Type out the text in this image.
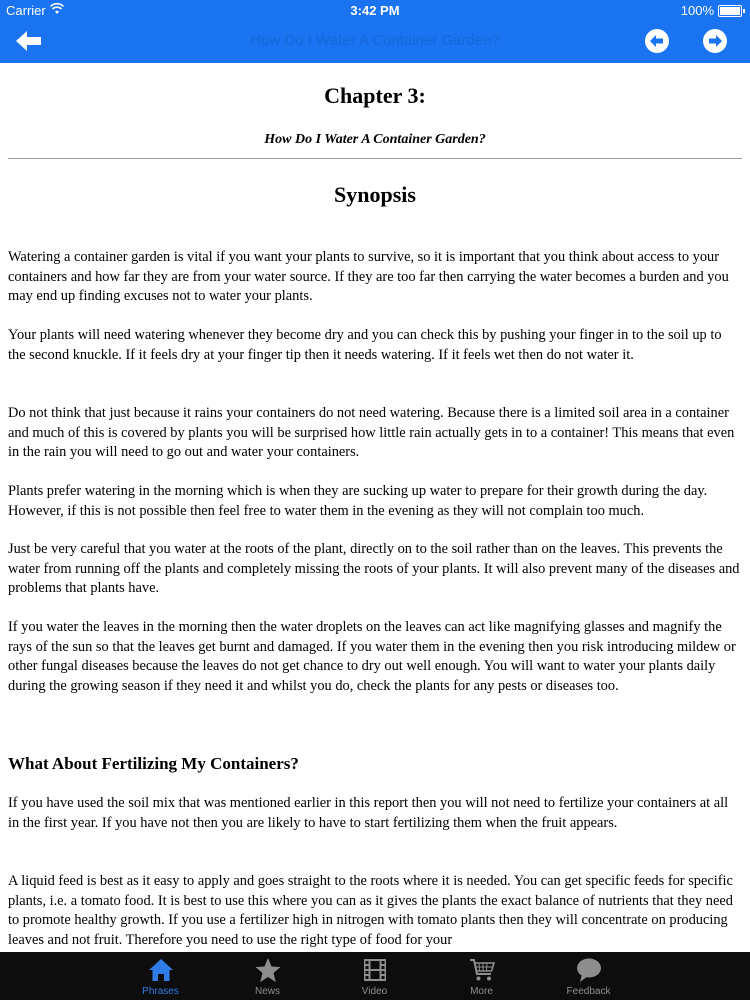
Carrier	3:42 PM	100%
How Do I Water A Container Garden?
Chapter 3:
How Do I Water A Container Garden?
Synopsis

Watering a container garden is vital if you want your plants to survive, so it is important that you think about access to your containers and how far they are from your water source. If they are too far then carrying the water becomes a burden and you may end up finding excuses not to water your plants.

Your plants will need watering whenever they become dry and you can check this by pushing your finger in to the soil up to the second knuckle. If it feels dry at your finger tip then it needs watering. If it feels wet then do not water it.

Do not think that just because it rains your containers do not need watering. Because there is a limited soil area in a container and much of this is covered by plants you will be surprised how little rain actually gets in to a container! This means that even in the rain you will need to go out and water your containers.

Plants prefer watering in the morning which is when they are sucking up water to prepare for their growth during the day. However, if this is not possible then feel free to water them in the evening as they will not complain too much.

Just be very careful that you water at the roots of the plant, directly on to the soil rather than on the leaves. This prevents the water from running off the plants and completely missing the roots of your plants. It will also prevent many of the diseases and problems that plants have.

If you water the leaves in the morning then the water droplets on the leaves can act like magnifying glasses and magnify the rays of the sun so that the leaves get burnt and damaged. If you water them in the evening then you risk introducing mildew or other fungal diseases because the leaves do not get chance to dry out well enough. You will want to water your plants daily during the growing season if they need it and whilst you do, check the plants for any pests or diseases too.

What About Fertilizing My Containers?

If you have used the soil mix that was mentioned earlier in this report then you will not need to fertilize your containers at all in the first year. If you have not then you are likely to have to start fertilizing them when the fruit appears.

A liquid feed is best as it easy to apply and goes straight to the roots where it is needed. You can get specific feeds for specific plants, i.e. a tomato food. It is best to use this where you can as it gives the plants the exact balance of nutrients that they need to promote healthy growth. If you use a fertilizer high in nitrogen with tomato plants then they will concentrate on producing leaves and not fruit. Therefore you need to use the right type of food for your

Phrases	News	Video	More	Feedback
